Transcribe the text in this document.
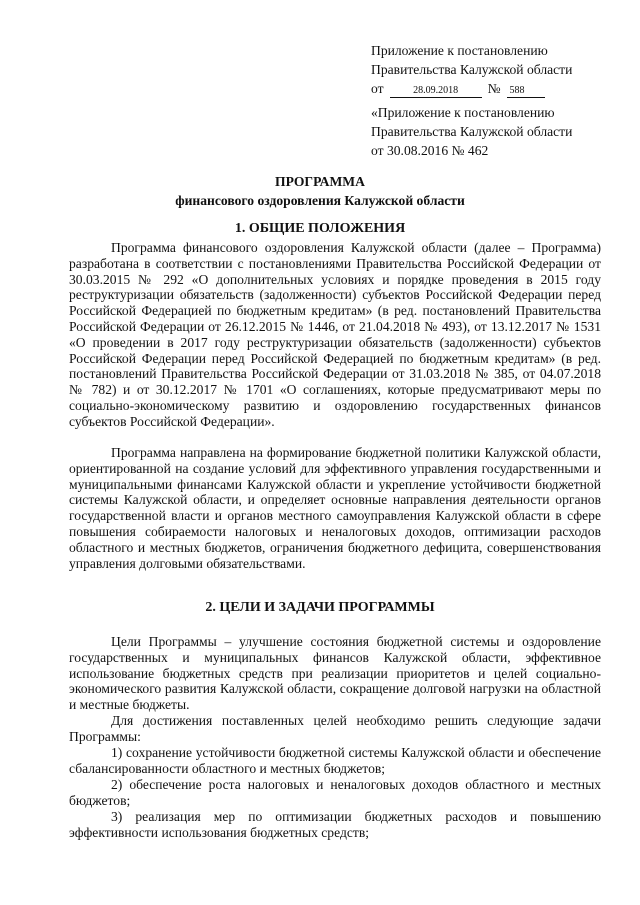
Приложение к постановлению
Правительства Калужской области
от	28.09.2018 № 588
«Приложение к постановлению
Правительства Калужской области
от 30.08.2016 № 462
ПРОГРАММА
финансового оздоровления Калужской области
1. ОБЩИЕ ПОЛОЖЕНИЯ

Программа финансового оздоровления Калужской области (далее – Программа) разработана в соответствии с постановлениями Правительства Российской Федерации от 30.03.2015 № 292 «О дополнительных условиях и порядке проведения в 2015 году реструктуризации обязательств (задолженности) субъектов Российской Федерации перед Российской Федерацией по бюджетным кредитам» (в ред. постановлений Правительства Российской Федерации от 26.12.2015 № 1446, от 21.04.2018 № 493), от 13.12.2017 № 1531 «О проведении в 2017 году реструктуризации обязательств (задолженности) субъектов Российской Федерации перед Российской Федерацией по бюджетным кредитам» (в ред. постановлений Правительства Российской Федерации от 31.03.2018 № 385, от 04.07.2018 № 782) и от 30.12.2017 № 1701 «О соглашениях, которые предусматривают меры по социально-экономическому развитию и оздоровлению государственных финансов субъектов Российской Федерации».

Программа направлена на формирование бюджетной политики Калужской области, ориентированной на создание условий для эффективного управления государственными и муниципальными финансами Калужской области и укрепление устойчивости бюджетной системы Калужской области, и определяет основные направления деятельности органов государственной власти и органов местного самоуправления Калужской области в сфере повышения собираемости налоговых и неналоговых доходов, оптимизации расходов областного и местных бюджетов, ограничения бюджетного дефицита, совершенствования управления долговыми обязательствами.

2. ЦЕЛИ И ЗАДАЧИ ПРОГРАММЫ

Цели Программы – улучшение состояния бюджетной системы и оздоровление государственных и муниципальных финансов Калужской области, эффективное использование бюджетных средств при реализации приоритетов и целей социально-экономического развития Калужской области, сокращение долговой нагрузки на областной и местные бюджеты.

Для достижения поставленных целей необходимо решить следующие задачи Программы:

1) сохранение устойчивости бюджетной системы Калужской области и обеспечение сбалансированности областного и местных бюджетов;

2) обеспечение роста налоговых и неналоговых доходов областного и местных бюджетов;

3) реализация мер по оптимизации бюджетных расходов и повышению эффективности использования бюджетных средств;
